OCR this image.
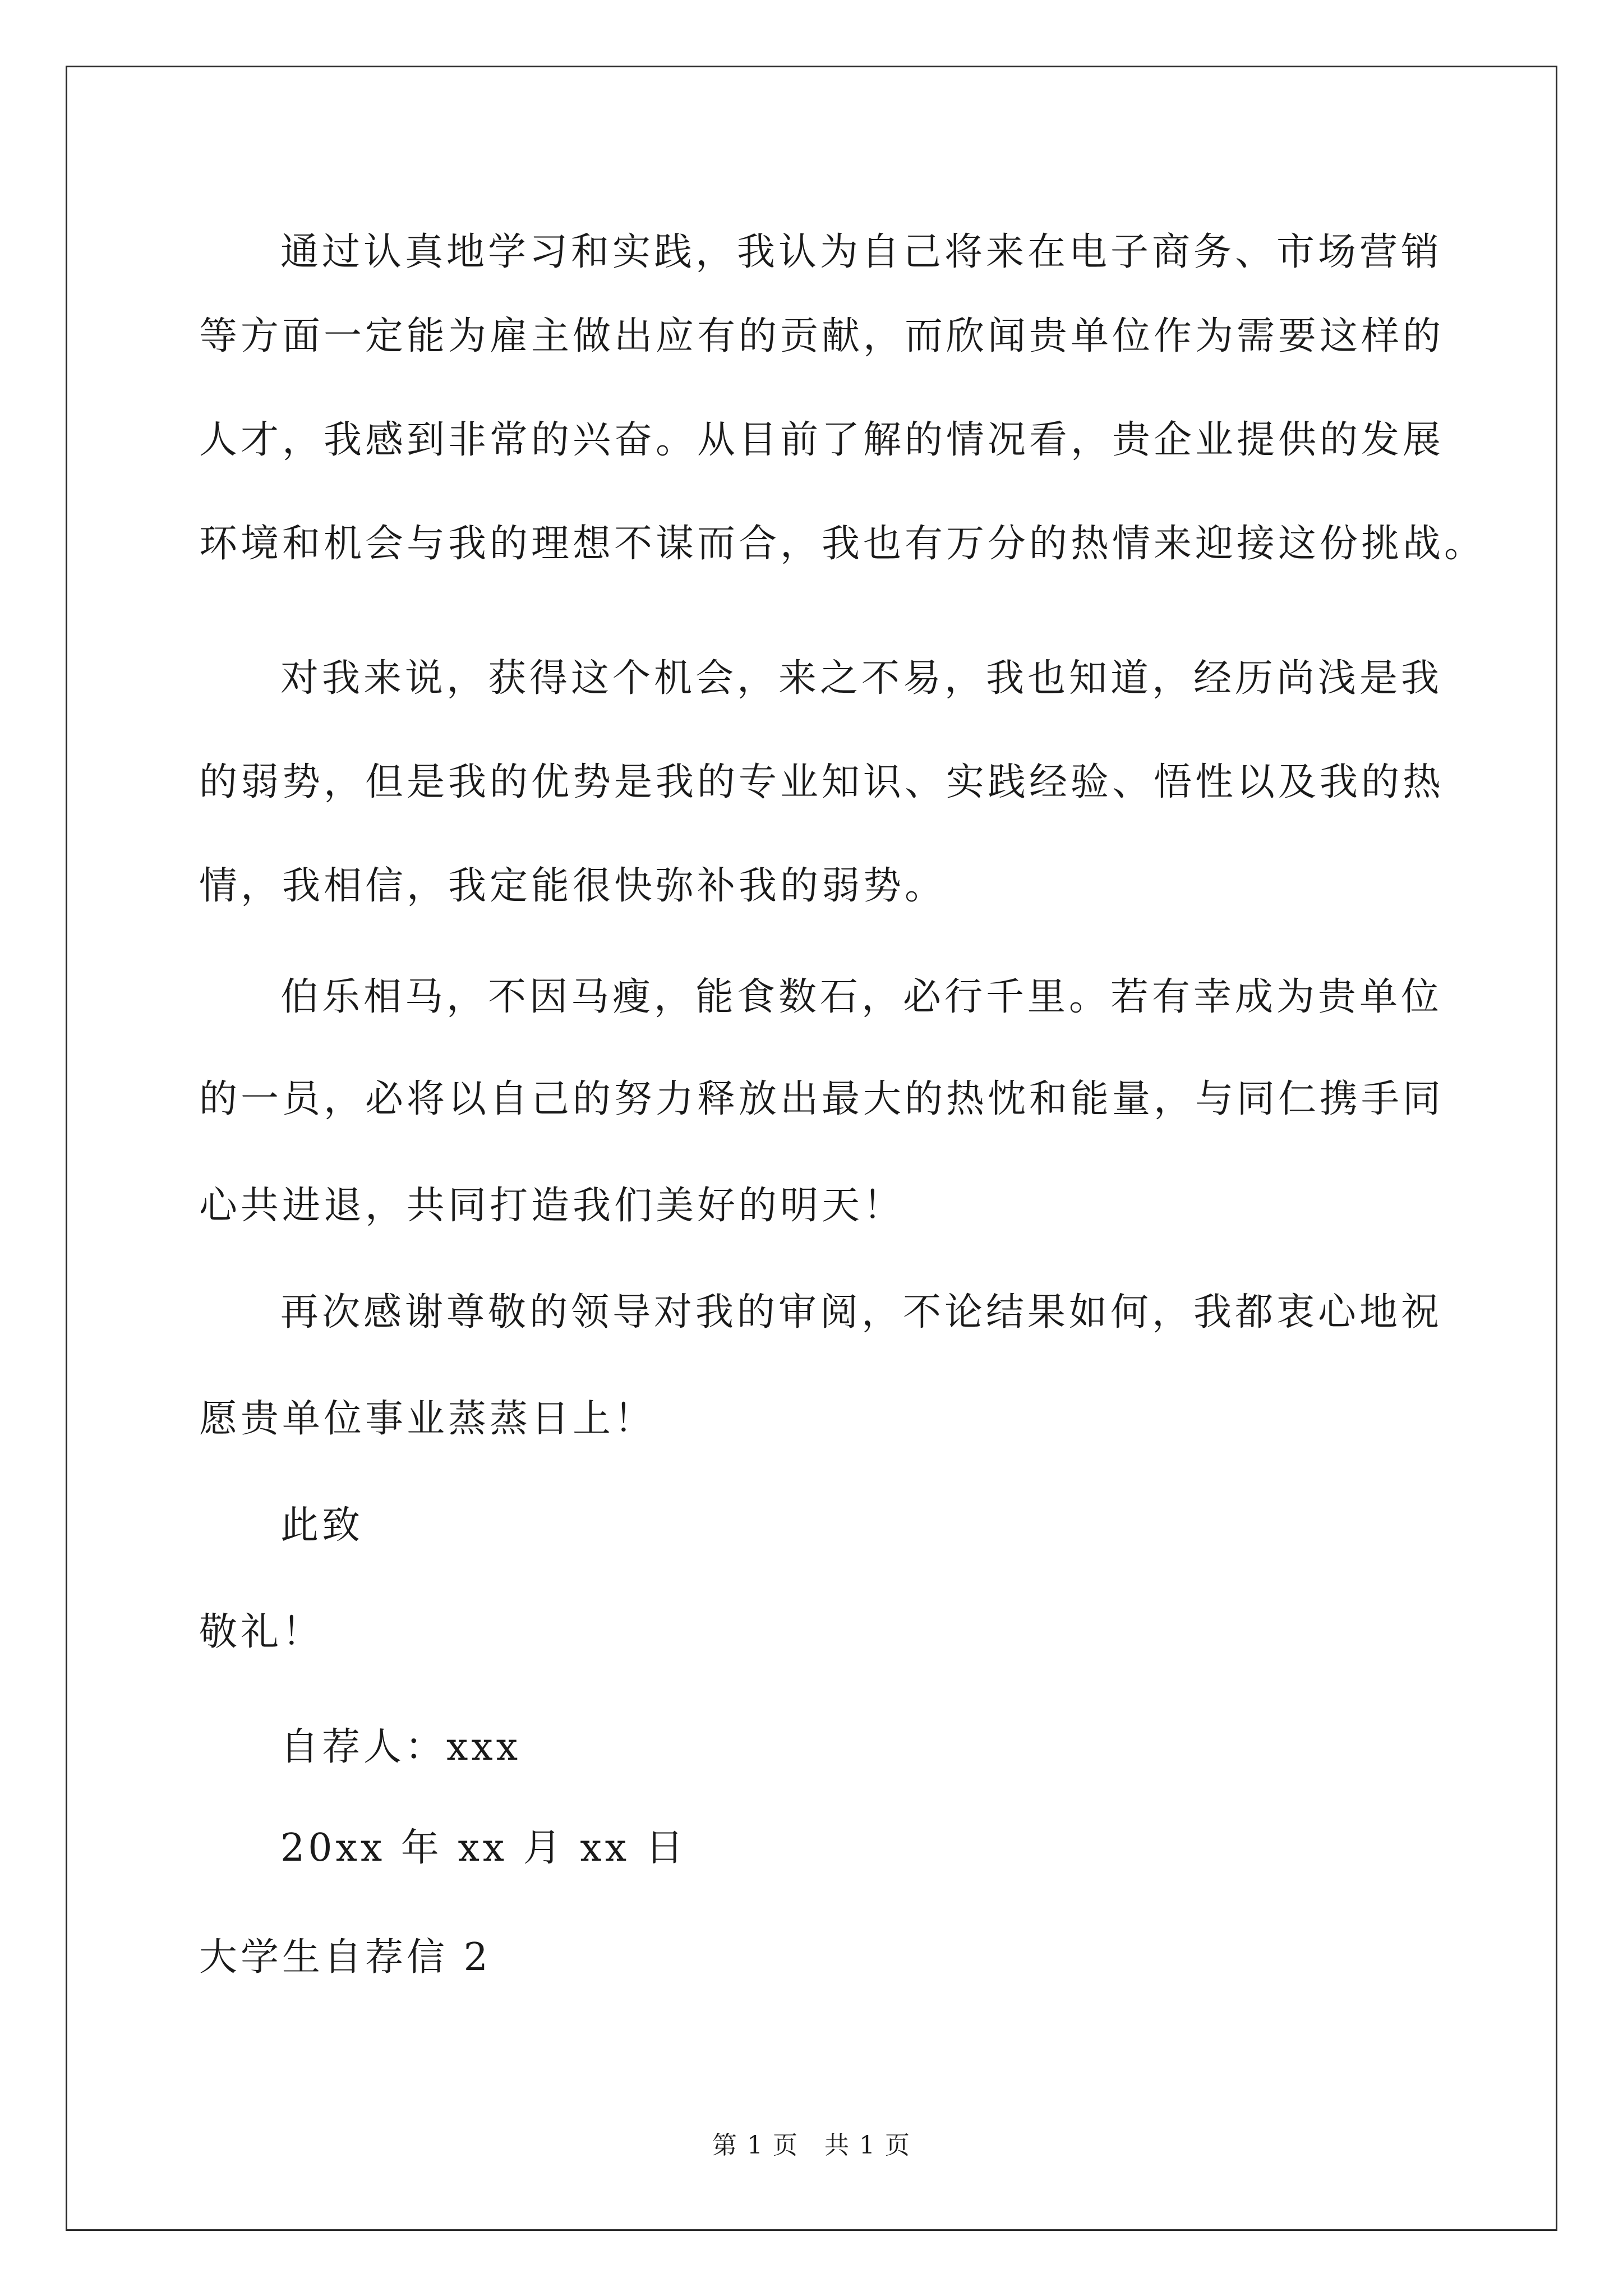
通过认真地学习和实践，我认为自己将来在电子商务、市场营销
等方面一定能为雇主做出应有的贡献，而欣闻贵单位作为需要这样的
人才，我感到非常的兴奋。从目前了解的情况看，贵企业提供的发展
环境和机会与我的理想不谋而合，我也有万分的热情来迎接这份挑战。
对我来说，获得这个机会，来之不易，我也知道，经历尚浅是我
的弱势，但是我的优势是我的专业知识、实践经验、悟性以及我的热
情，我相信，我定能很快弥补我的弱势。
伯乐相马，不因马瘦，能食数石，必行千里。若有幸成为贵单位
的一员，必将以自己的努力释放出最大的热忱和能量，与同仁携手同
心共进退，共同打造我们美好的明天！
再次感谢尊敬的领导对我的审阅，不论结果如何，我都衷心地祝
愿贵单位事业蒸蒸日上！
此致
敬礼！
自荐人：xxx
20xx 年 xx 月 xx 日
大学生自荐信 2
第 1 页　共 1 页
